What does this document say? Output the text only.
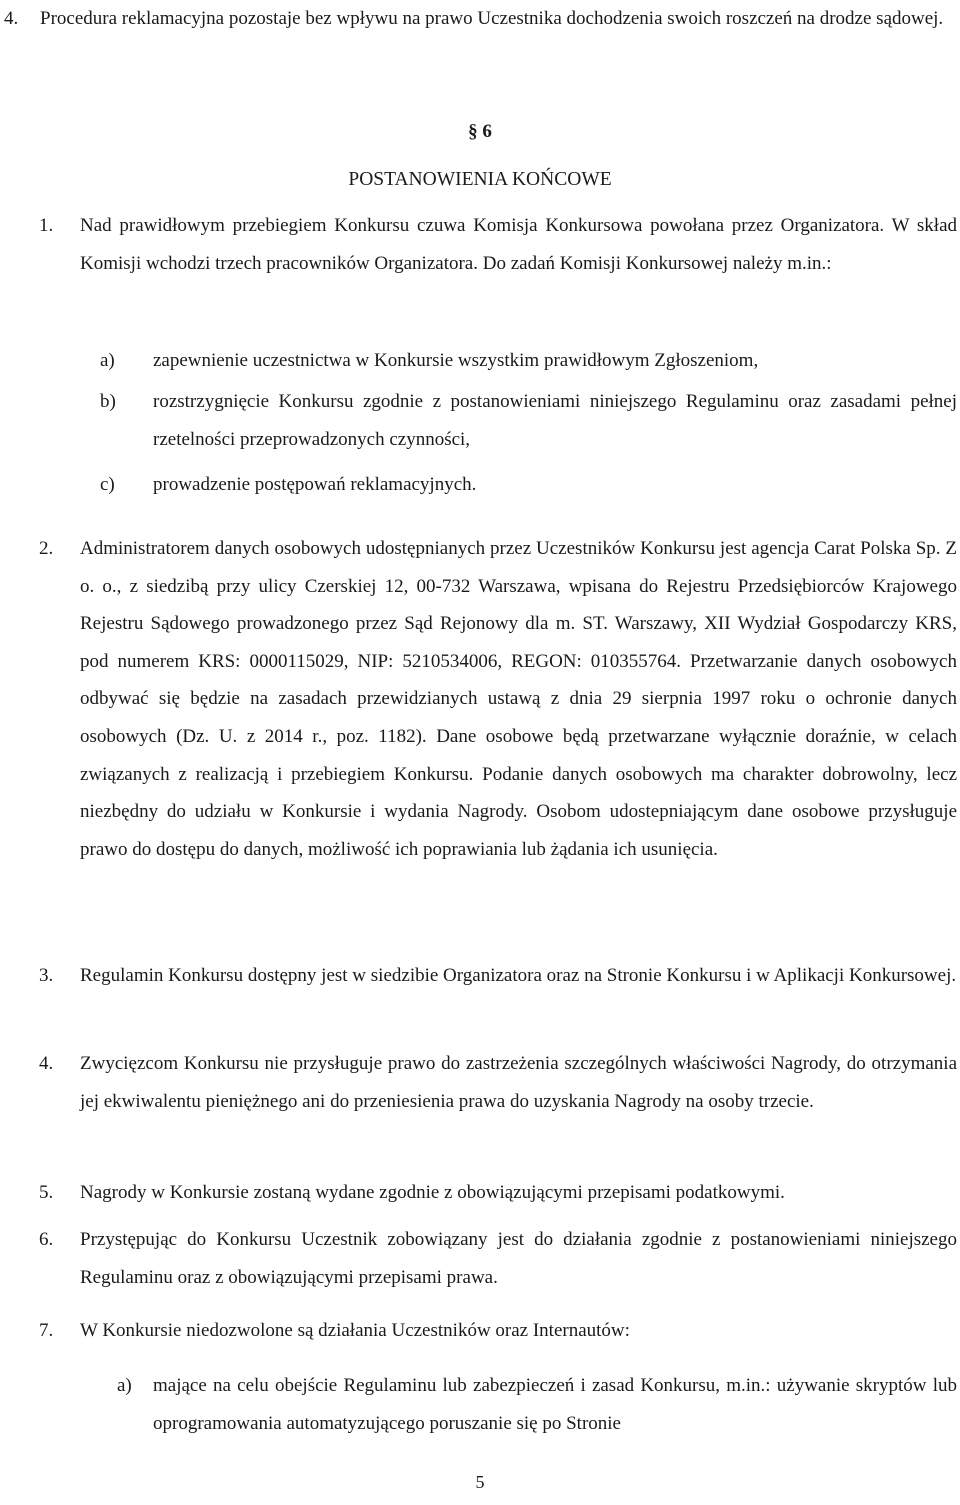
4.	Procedura reklamacyjna pozostaje bez wpływu na prawo Uczestnika dochodzenia swoich roszczeń na drodze sądowej.
§ 6
POSTANOWIENIA KOŃCOWE
1.	Nad prawidłowym przebiegiem Konkursu czuwa Komisja Konkursowa powołana przez Organizatora. W skład Komisji wchodzi trzech pracowników Organizatora. Do zadań Komisji Konkursowej należy m.in.:
a)	zapewnienie uczestnictwa w Konkursie wszystkim prawidłowym Zgłoszeniom,
b)	rozstrzygnięcie Konkursu zgodnie z postanowieniami niniejszego Regulaminu oraz zasadami pełnej rzetelności przeprowadzonych czynności,
c)	prowadzenie postępowań reklamacyjnych.
2.	Administratorem danych osobowych udostępnianych przez Uczestników Konkursu jest agencja Carat Polska Sp. Z o. o., z siedzibą przy ulicy Czerskiej 12, 00-732 Warszawa, wpisana do Rejestru Przedsiębiorców Krajowego Rejestru Sądowego prowadzonego przez Sąd Rejonowy dla m. ST. Warszawy, XII Wydział Gospodarczy KRS, pod numerem KRS: 0000115029, NIP: 5210534006, REGON: 010355764. Przetwarzanie danych osobowych odbywać się będzie na zasadach przewidzianych ustawą z dnia 29 sierpnia 1997 roku o ochronie danych osobowych (Dz. U. z 2014 r., poz. 1182). Dane osobowe będą przetwarzane wyłącznie doraźnie, w celach związanych z realizacją i przebiegiem Konkursu. Podanie danych osobowych ma charakter dobrowolny, lecz niezbędny do udziału w Konkursie i wydania Nagrody. Osobom udostepniającym dane osobowe przysługuje prawo do dostępu do danych, możliwość ich poprawiania lub żądania ich usunięcia.
3.	Regulamin Konkursu dostępny jest w siedzibie Organizatora oraz na Stronie Konkursu i w Aplikacji Konkursowej.
4.	Zwycięzcom Konkursu nie przysługuje prawo do zastrzeżenia szczególnych właściwości Nagrody, do otrzymania jej ekwiwalentu pieniężnego ani do przeniesienia prawa do uzyskania Nagrody na osoby trzecie.
5.	Nagrody w Konkursie zostaną wydane zgodnie z obowiązującymi przepisami podatkowymi.
6.	Przystępując do Konkursu Uczestnik zobowiązany jest do działania zgodnie z postanowieniami niniejszego Regulaminu oraz z obowiązującymi przepisami prawa.
7.	W Konkursie niedozwolone są działania Uczestników oraz Internautów:
a)	mające na celu obejście Regulaminu lub zabezpieczeń i zasad Konkursu, m.in.: używanie skryptów lub oprogramowania automatyzującego poruszanie się po Stronie
5
